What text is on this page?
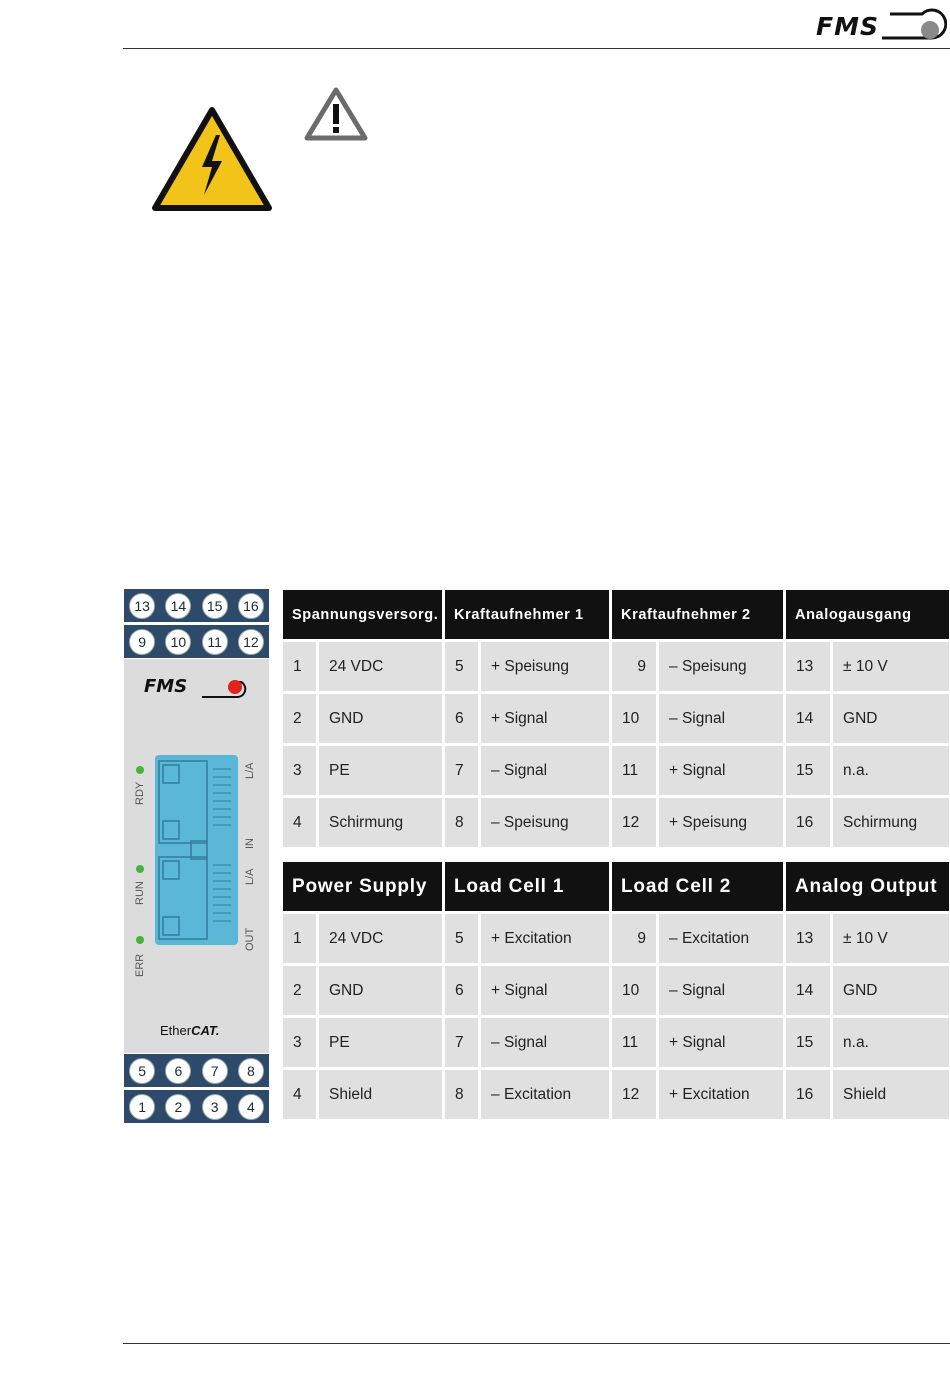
FMS
13	14	15	16
9	10	11	12
FMS
RDY
RUN
ERR
L/A
IN
L/A
OUT
EtherCAT.
5	6	7	8
1	2	3	4
Spannungsversorg.		Kraftaufnehmer 1		Kraftaufnehmer 2		Analogausgang	
1	24 VDC	5	+ Speisung	9	– Speisung	13	± 10 V
2	GND	6	+ Signal	10	– Signal	14	GND
3	PE	7	– Signal	11	+ Signal	15	n.a.
4	Schirmung	8	– Speisung	12	+ Speisung	16	Schirmung
Power Supply		Load Cell 1		Load Cell 2		Analog Output	
1	24 VDC	5	+ Excitation	9	– Excitation	13	± 10 V
2	GND	6	+ Signal	10	– Signal	14	GND
3	PE	7	– Signal	11	+ Signal	15	n.a.
4	Shield	8	– Excitation	12	+ Excitation	16	Shield
